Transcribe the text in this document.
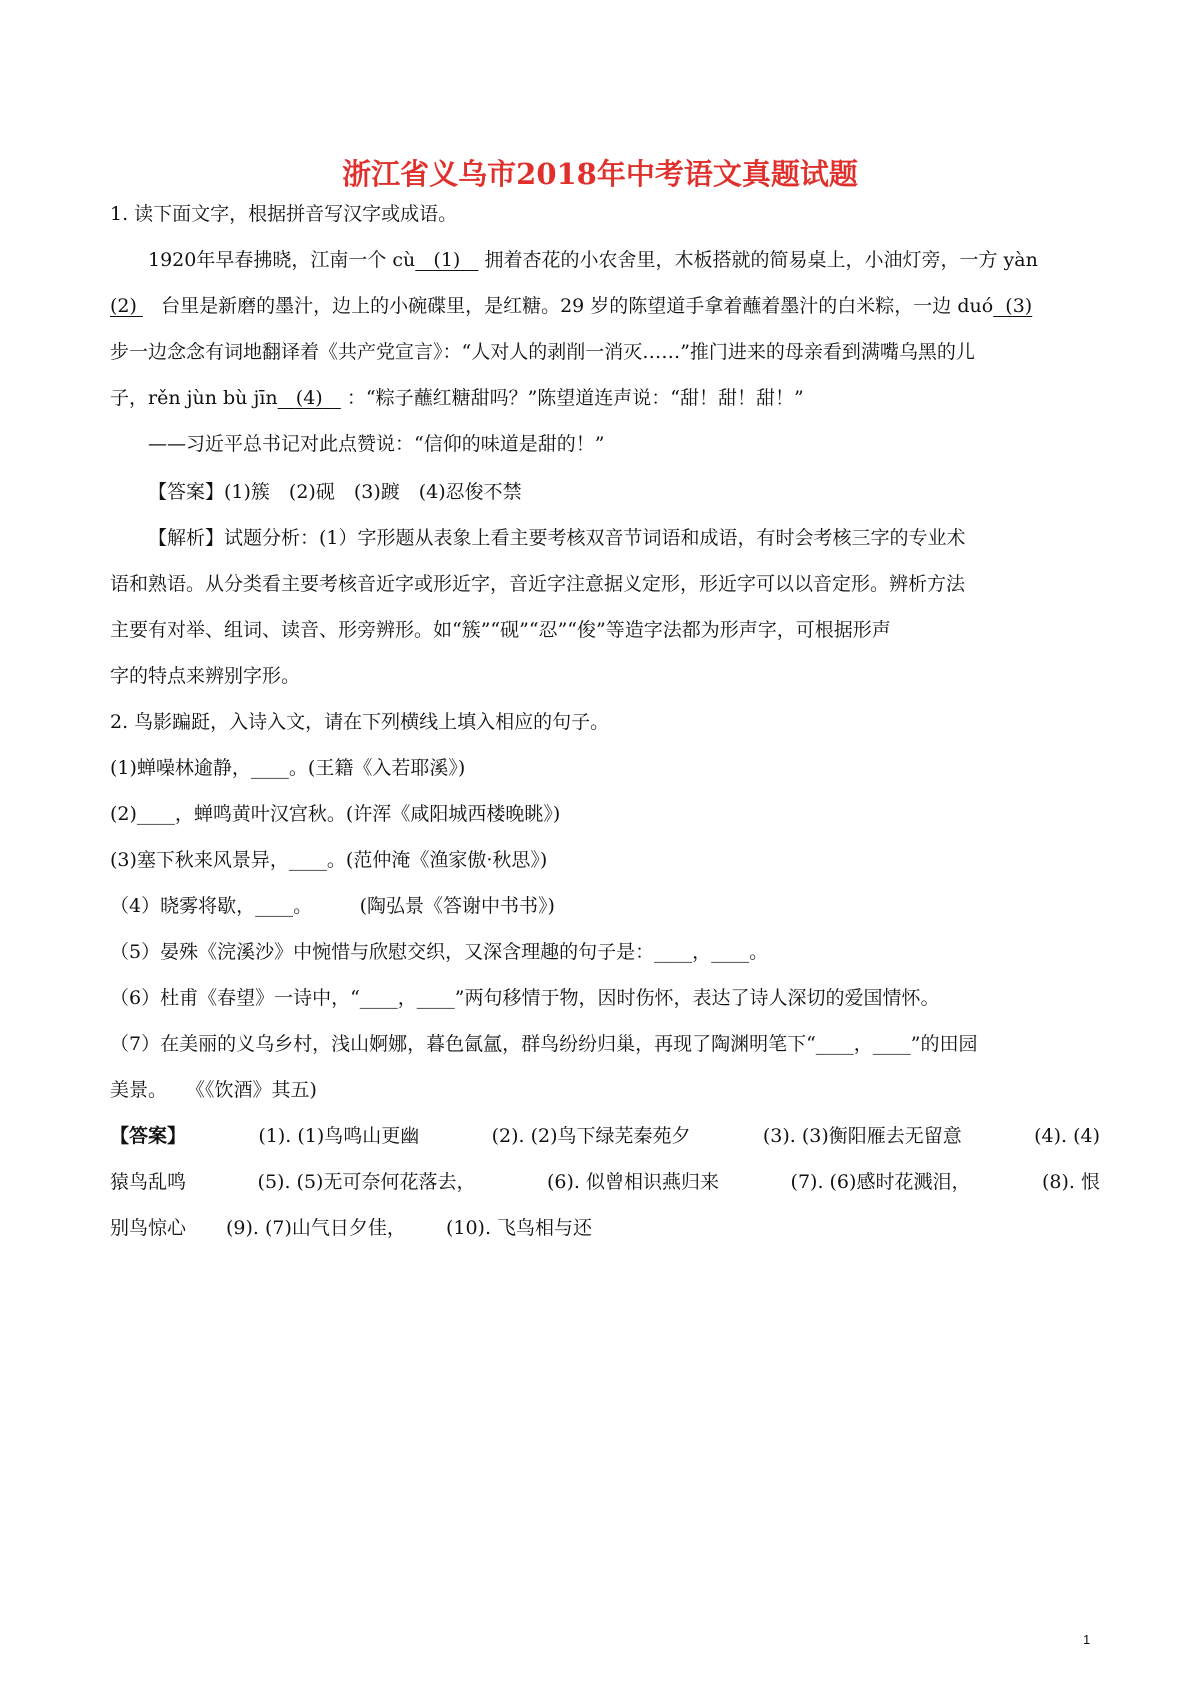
浙江省义乌市2018年中考语文真题试题
1. 读下面文字，根据拼音写汉字或成语。
1920年早春拂晓，江南一个 cù (1) 拥着杏花的小农舍里，木板搭就的简易桌上，小油灯旁，一方 yàn
(2) 台里是新磨的墨汁，边上的小碗碟里，是红糖。29 岁的陈望道手拿着蘸着墨汁的白米粽，一边 duó (3)
步一边念念有词地翻译着《共产党宣言》：“人对人的剥削一消灭……”推门进来的母亲看到满嘴乌黑的儿
子，rěn jùn bù jīn (4) ：“粽子蘸红糖甜吗？”陈望道连声说：“甜！甜！甜！”
——习近平总书记对此点赞说：“信仰的味道是甜的！”
【答案】(1)簇　(2)砚　(3)踱　(4)忍俊不禁
【解析】试题分析：(1）字形题从表象上看主要考核双音节词语和成语，有时会考核三字的专业术
语和熟语。从分类看主要考核音近字或形近字，音近字注意据义定形，形近字可以以音定形。辨析方法
主要有对举、组词、读音、形旁辨形。如“簇”“砚”“忍”“俊”等造字法都为形声字，可根据形声
字的特点来辨别字形。
2. 鸟影蹁跹，入诗入文，请在下列横线上填入相应的句子。
(1)蝉噪林逾静，____。(王籍《入若耶溪》)
(2)____，蝉鸣黄叶汉宫秋。(许浑《咸阳城西楼晚眺》)
(3)塞下秋来风景异，____。(范仲淹《渔家傲·秋思》)
（4）晓雾将歇，____。　　　(陶弘景《答谢中书书》)
（5）晏殊《浣溪沙》中惋惜与欣慰交织，又深含理趣的句子是：____，____。
（6）杜甫《春望》一诗中，“____，____”两句移情于物，因时伤怀，表达了诗人深切的爱国情怀。
（7）在美丽的义乌乡村，浅山婀娜，暮色氤氲，群鸟纷纷归巢，再现了陶渊明笔下“____，____”的田园
美景。　　《《饮酒》其五)
【答案】	(1). (1)鸟鸣山更幽	(2). (2)鸟下绿芜秦苑夕	(3). (3)衡阳雁去无留意	(4). (4)
猿鸟乱鸣	(5). (5)无可奈何花落去，	(6). 似曾相识燕归来	(7). (6)感时花溅泪，	(8). 恨
别鸟惊心 (9). (7)山气日夕佳， (10). 飞鸟相与还
1
